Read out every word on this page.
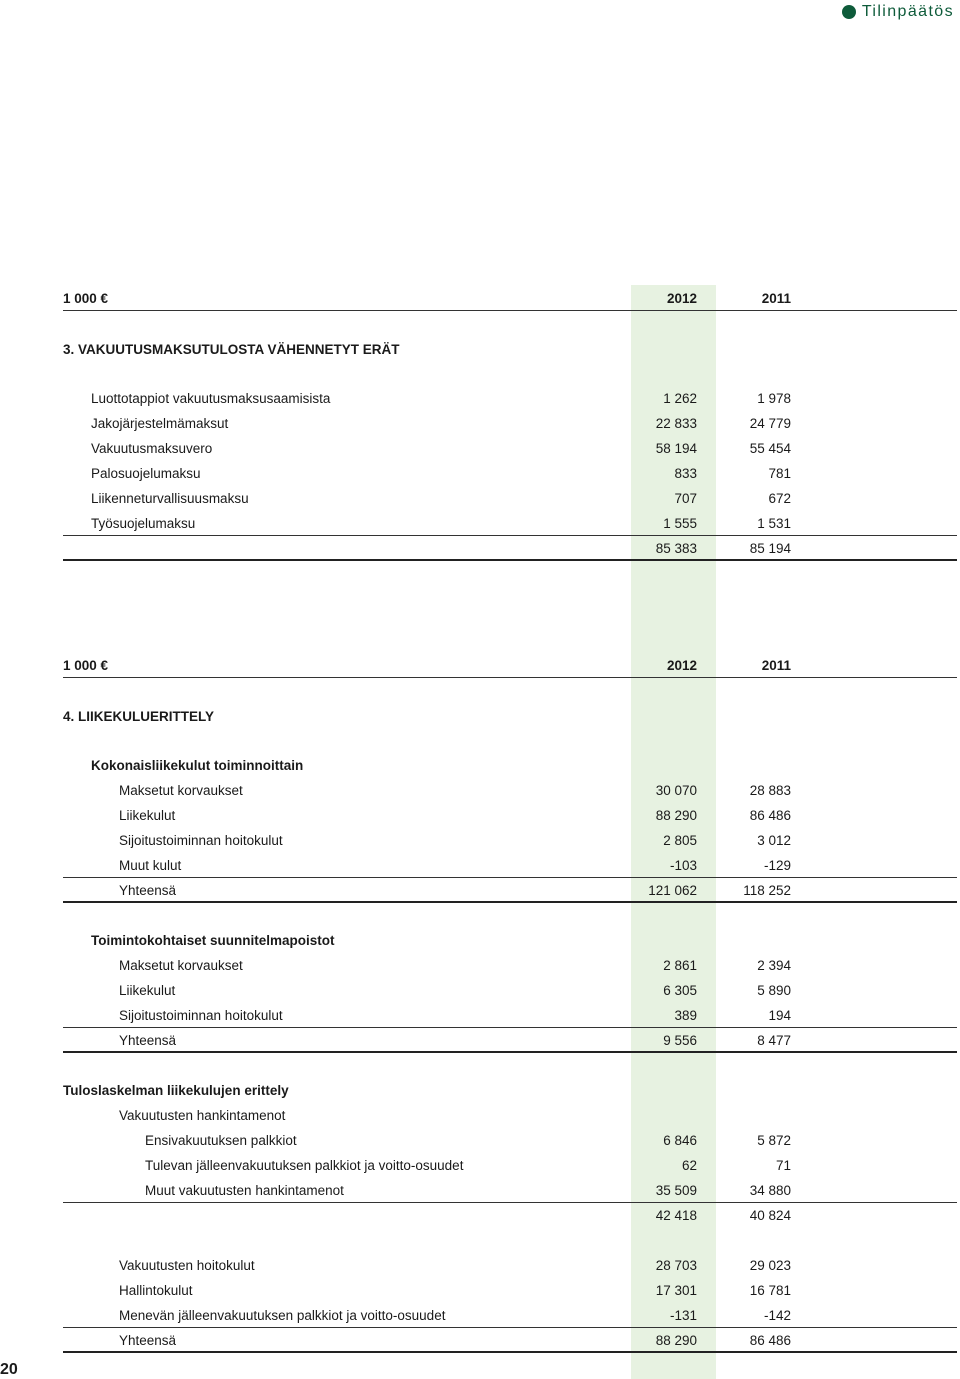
Tilinpäätös
1 000 €	2012	2011
3. VAKUUTUSMAKSUTULOSTA VÄHENNETYT ERÄT
Luottotappiot vakuutusmaksusaamisista	1 262	1 978
Jakojärjestelmämaksut	22 833	24 779
Vakuutusmaksuvero	58 194	55 454
Palosuojelumaksu	833	781
Liikenneturvallisuusmaksu	707	672
Työsuojelumaksu	1 555	1 531
85 383	85 194
1 000 €	2012	2011
4. LIIKEKULUERITTELY
Kokonaisliikekulut toiminnoittain
Maksetut korvaukset	30 070	28 883
Liikekulut	88 290	86 486
Sijoitustoiminnan hoitokulut	2 805	3 012
Muut kulut	-103	-129
Yhteensä	121 062	118 252
Toimintokohtaiset suunnitelmapoistot
Maksetut korvaukset	2 861	2 394
Liikekulut	6 305	5 890
Sijoitustoiminnan hoitokulut	389	194
Yhteensä	9 556	8 477
Tuloslaskelman liikekulujen erittely
Vakuutusten hankintamenot
Ensivakuutuksen palkkiot	6 846	5 872
Tulevan jälleenvakuutuksen palkkiot ja voitto-osuudet	62	71
Muut vakuutusten hankintamenot	35 509	34 880
42 418	40 824
Vakuutusten hoitokulut	28 703	29 023
Hallintokulut	17 301	16 781
Menevän jälleenvakuutuksen palkkiot ja voitto-osuudet	-131	-142
Yhteensä	88 290	86 486
20
